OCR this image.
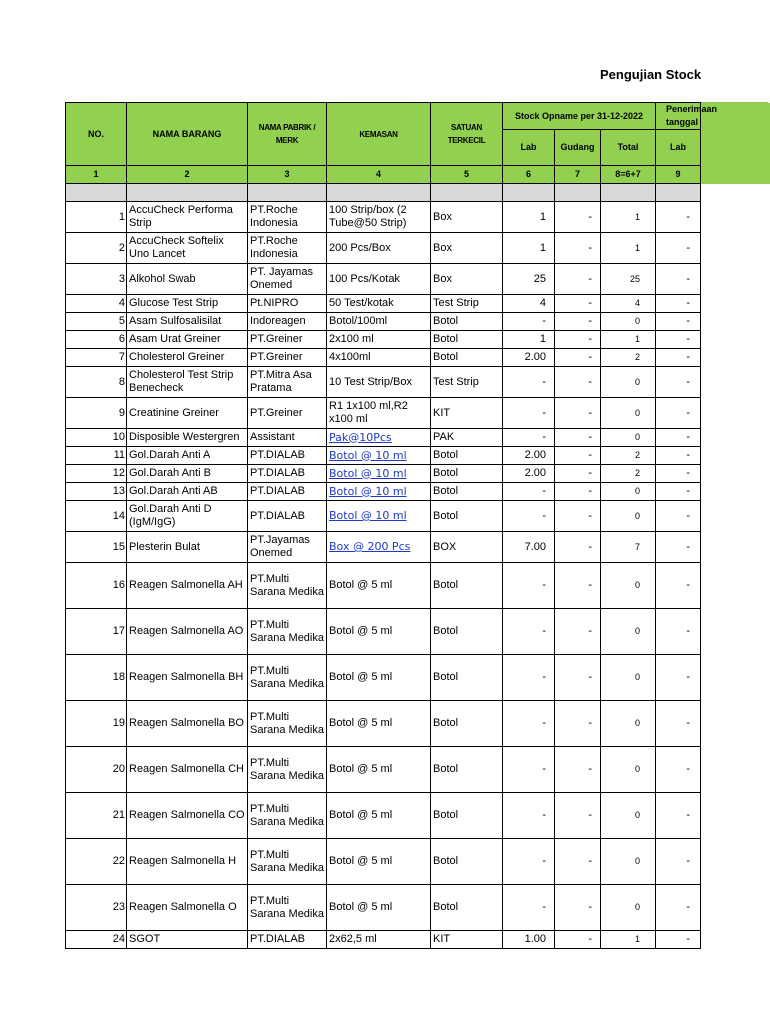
Pengujian Stock
NO.	NAMA BARANG	NAMA PABRIK / MERK	KEMASAN	SATUAN TERKECIL	Stock Opname per 31-12-2022			Penerimaan tanggal	
					Lab	Gudang	Total	Lab	
1	2	3	4	5	6	7	8=6+7	9	

1	AccuCheck Performa Strip	PT.Roche Indonesia	100 Strip/box (2 Tube@50 Strip)	Box	1	-	1	-	
2	AccuCheck Softelix Uno Lancet	PT.Roche Indonesia	200 Pcs/Box	Box	1	-	1	-	
3	Alkohol Swab	PT. Jayamas Onemed	100 Pcs/Kotak	Box	25	-	25	-	
4	Glucose Test Strip	Pt.NIPRO	50 Test/kotak	Test Strip	4	-	4	-	
5	Asam Sulfosalisilat	Indoreagen	Botol/100ml	Botol	-	-	0	-	
6	Asam Urat Greiner	PT.Greiner	2x100 ml	Botol	1	-	1	-	
7	Cholesterol Greiner	PT.Greiner	4x100ml	Botol	2.00	-	2	-	
8	Cholesterol Test Strip Benecheck	PT.Mitra Asa Pratama	10 Test Strip/Box	Test Strip	-	-	0	-	
9	Creatinine Greiner	PT.Greiner	R1 1x100 ml,R2 x100 ml	KIT	-	-	0	-	
10	Disposible Westergren	Assistant	Pak@10Pcs	PAK	-	-	0	-	
11	Gol.Darah Anti A	PT.DIALAB	Botol @ 10 ml	Botol	2.00	-	2	-	
12	Gol.Darah Anti B	PT.DIALAB	Botol @ 10 ml	Botol	2.00	-	2	-	
13	Gol.Darah Anti AB	PT.DIALAB	Botol @ 10 ml	Botol	-	-	0	-	
14	Gol.Darah Anti D (IgM/IgG)	PT.DIALAB	Botol @ 10 ml	Botol	-	-	0	-	
15	Plesterin Bulat	PT.Jayamas Onemed	Box @ 200 Pcs	BOX	7.00	-	7	-	
16	Reagen Salmonella AH	PT.Multi Sarana Medika	Botol @ 5 ml	Botol	-	-	0	-	
17	Reagen Salmonella AO	PT.Multi Sarana Medika	Botol @ 5 ml	Botol	-	-	0	-	
18	Reagen Salmonella BH	PT.Multi Sarana Medika	Botol @ 5 ml	Botol	-	-	0	-	
19	Reagen Salmonella BO	PT.Multi Sarana Medika	Botol @ 5 ml	Botol	-	-	0	-	
20	Reagen Salmonella CH	PT.Multi Sarana Medika	Botol @ 5 ml	Botol	-	-	0	-	
21	Reagen Salmonella CO	PT.Multi Sarana Medika	Botol @ 5 ml	Botol	-	-	0	-	
22	Reagen Salmonella H	PT.Multi Sarana Medika	Botol @ 5 ml	Botol	-	-	0	-	
23	Reagen Salmonella O	PT.Multi Sarana Medika	Botol @ 5 ml	Botol	-	-	0	-	
24	SGOT	PT.DIALAB	2x62,5 ml	KIT	1.00	-	1	-	
